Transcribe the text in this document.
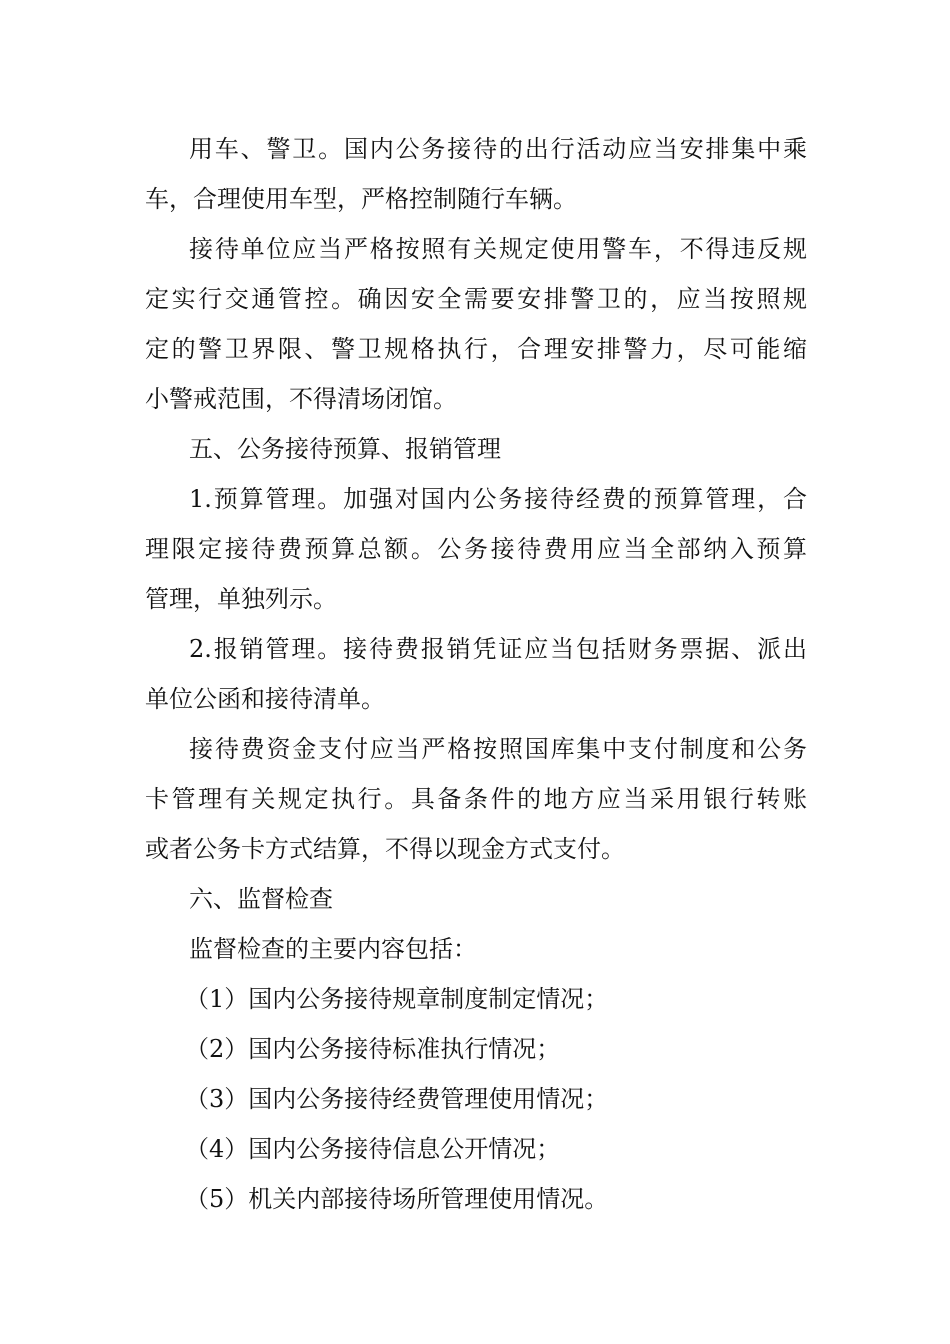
用车、警卫。国内公务接待的出行活动应当安排集中乘
车，合理使用车型，严格控制随行车辆。
接待单位应当严格按照有关规定使用警车，不得违反规
定实行交通管控。确因安全需要安排警卫的，应当按照规
定的警卫界限、警卫规格执行，合理安排警力，尽可能缩
小警戒范围，不得清场闭馆。

五、公务接待预算、报销管理

1.预算管理。加强对国内公务接待经费的预算管理，合
理限定接待费预算总额。公务接待费用应当全部纳入预算
管理，单独列示。
2.报销管理。接待费报销凭证应当包括财务票据、派出
单位公函和接待清单。
接待费资金支付应当严格按照国库集中支付制度和公务
卡管理有关规定执行。具备条件的地方应当采用银行转账
或者公务卡方式结算，不得以现金方式支付。

六、监督检查

监督检查的主要内容包括：

（1）国内公务接待规章制度制定情况；

（2）国内公务接待标准执行情况；

（3）国内公务接待经费管理使用情况；

（4）国内公务接待信息公开情况；

（5）机关内部接待场所管理使用情况。
